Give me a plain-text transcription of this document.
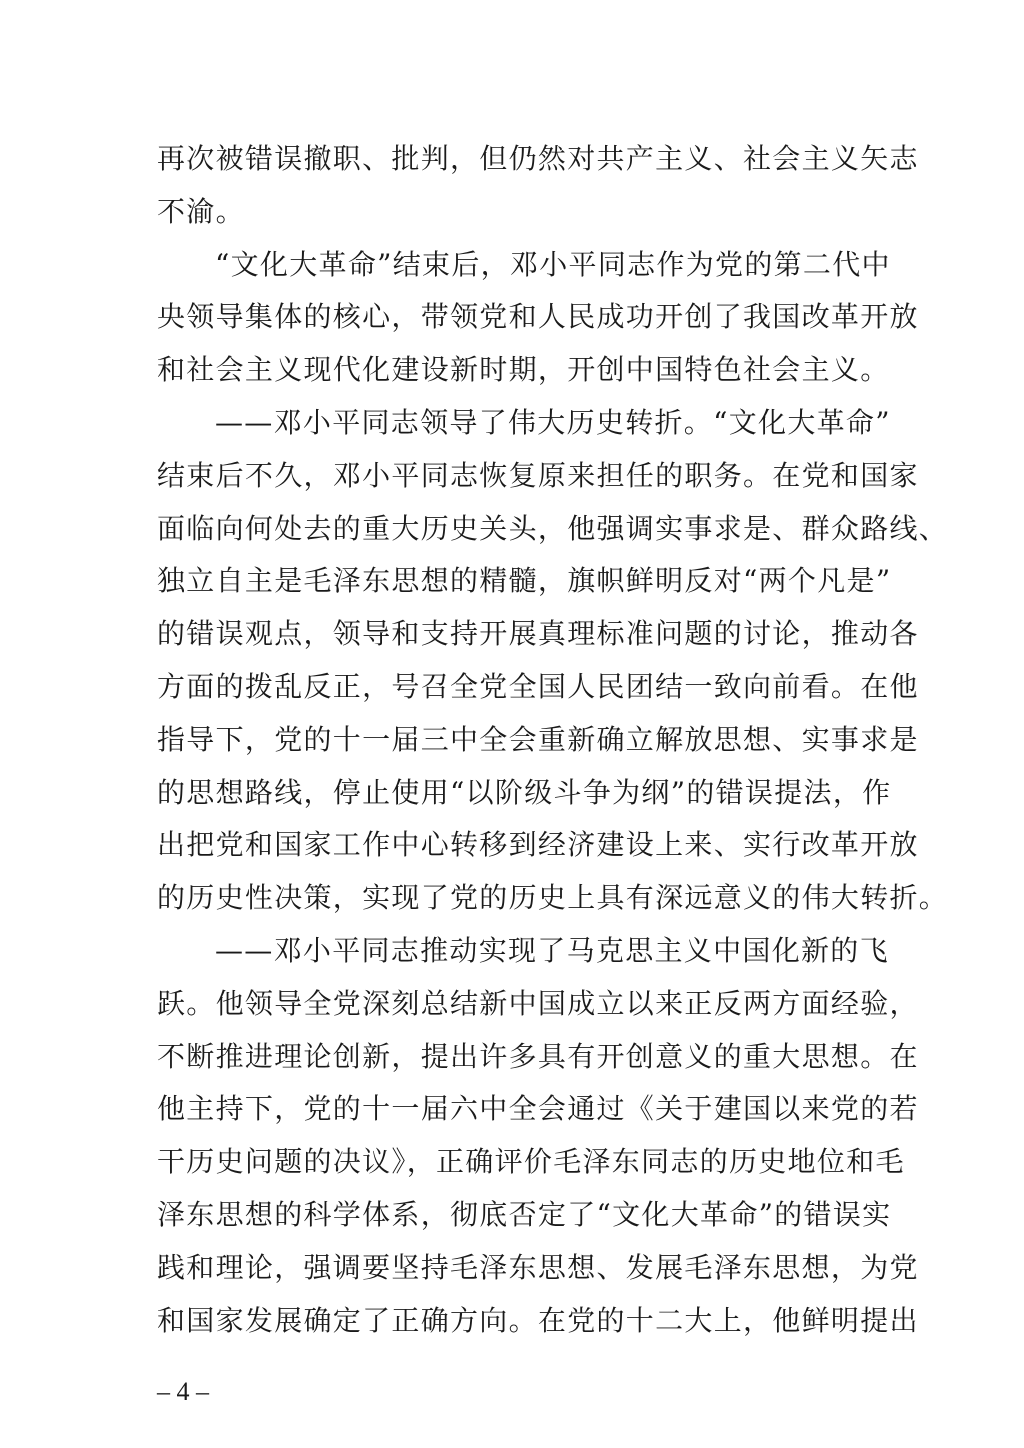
再次被错误撤职、批判，但仍然对共产主义、社会主义矢志
不渝。
“文化大革命”结束后，邓小平同志作为党的第二代中
央领导集体的核心，带领党和人民成功开创了我国改革开放
和社会主义现代化建设新时期，开创中国特色社会主义。
——邓小平同志领导了伟大历史转折。“文化大革命”
结束后不久，邓小平同志恢复原来担任的职务。在党和国家
面临向何处去的重大历史关头，他强调实事求是、群众路线、
独立自主是毛泽东思想的精髓，旗帜鲜明反对“两个凡是”
的错误观点，领导和支持开展真理标准问题的讨论，推动各
方面的拨乱反正，号召全党全国人民团结一致向前看。在他
指导下，党的十一届三中全会重新确立解放思想、实事求是
的思想路线，停止使用“以阶级斗争为纲”的错误提法，作
出把党和国家工作中心转移到经济建设上来、实行改革开放
的历史性决策，实现了党的历史上具有深远意义的伟大转折。
——邓小平同志推动实现了马克思主义中国化新的飞
跃。他领导全党深刻总结新中国成立以来正反两方面经验，
不断推进理论创新，提出许多具有开创意义的重大思想。在
他主持下，党的十一届六中全会通过《关于建国以来党的若
干历史问题的决议》，正确评价毛泽东同志的历史地位和毛
泽东思想的科学体系，彻底否定了“文化大革命”的错误实
践和理论，强调要坚持毛泽东思想、发展毛泽东思想，为党
和国家发展确定了正确方向。在党的十二大上，他鲜明提出
– 4 –
